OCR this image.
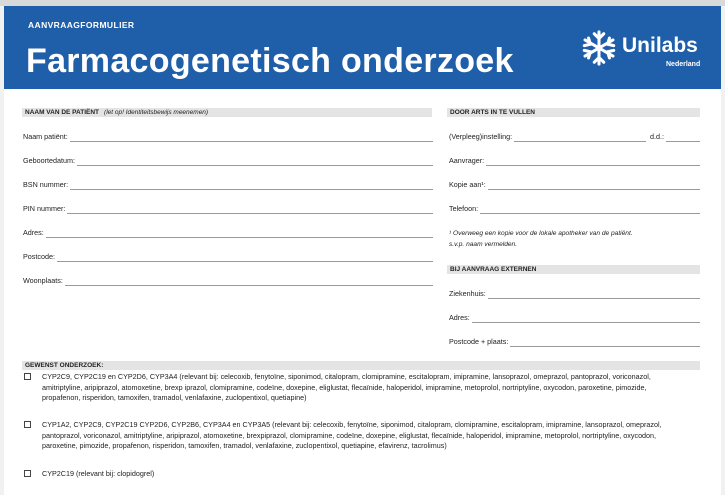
AANVRAAGFORMULIER
Farmacogenetisch onderzoek	Unilabs
Nederland
NAAM VAN DE PATIËNT (let op! Identiteitsbewijs meenemen)
Naam patiënt:
Geboortedatum:
BSN nummer:
PIN nummer:
Adres:
Postcode:
Woonplaats:
DOOR ARTS IN TE VULLEN
(Verpleeg)instelling:	d.d.:
Aanvrager:
Kopie aan¹:
Telefoon:
¹ Overweeg een kopie voor de lokale apotheker van de patiënt.
s.v.p. naam vermelden.
BIJ AANVRAAG EXTERNEN
Ziekenhuis:
Adres:
Postcode + plaats:
GEWENST ONDERZOEK:
CYP2C9, CYP2C19 en CYP2D6, CYP3A4 (relevant bij: celecoxib, fenytoïne, siponimod, citalopram, clomipramine, escitalopram, imipramine, lansoprazol, omeprazol, pantoprazol, voriconazol, amitriptyline, aripiprazol, atomoxetine, brexp iprazol, clomipramine, codeïne, doxepine, eliglustat, flecaïnide, haloperidol, imipramine, metoprolol, nortriptyline, oxycodon, paroxetine, pimozide, propafenon, risperidon, tamoxifen, tramadol, venlafaxine, zuclopentixol, quetiapine)
CYP1A2, CYP2C9, CYP2C19 CYP2D6, CYP2B6, CYP3A4 en CYP3A5 (relevant bij: celecoxib, fenytoïne, siponimod, citalopram, clomipramine, escitalopram, imipramine, lansoprazol, omeprazol, pantoprazol, voriconazol, amitriptyline, aripiprazol, atomoxetine, brexpiprazol, clomipramine, codeïne, doxepine, eliglustat, flecaïnide, haloperidol, imipramine, metoprolol, nortriptyline, oxycodon, paroxetine, pimozide, propafenon, risperidon, tamoxifen, tramadol, venlafaxine, zuclopentixol, quetiapine, efavirenz, tacrolimus)
CYP2C19 (relevant bij: clopidogrel)
